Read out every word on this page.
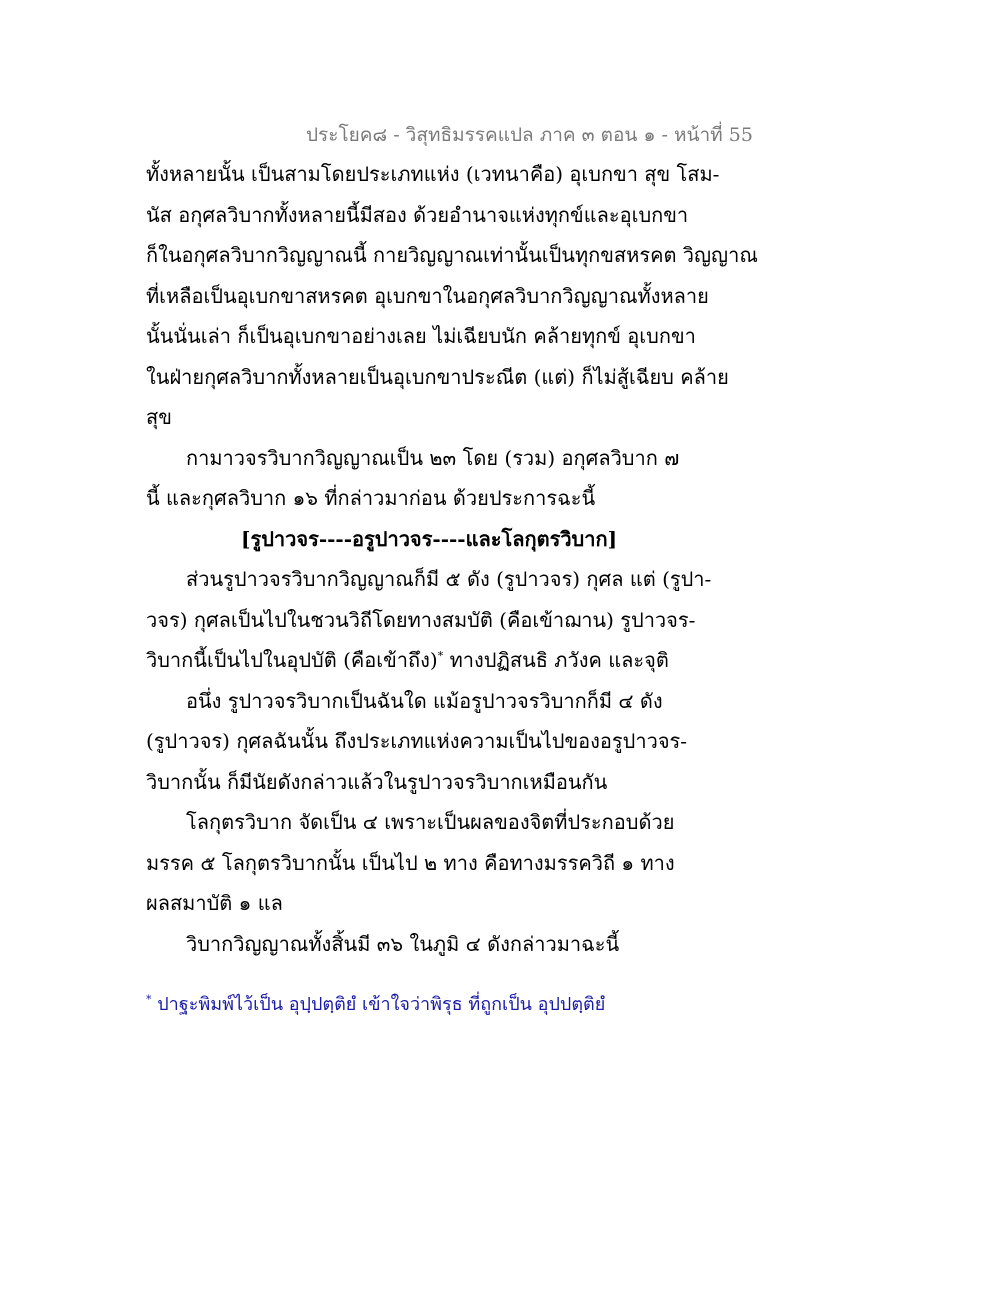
ประโยค๘ - วิสุทธิมรรคแปล ภาค ๓ ตอน ๑ - หน้าที่ 55
ทั้งหลายนั้น เป็นสามโดยประเภทแห่ง (เวทนาคือ) อุเบกขา สุข โสม-
นัส อกุศลวิบากทั้งหลายนี้มีสอง ด้วยอำนาจแห่งทุกข์และอุเบกขา
ก็ในอกุศลวิบากวิญญาณนี้ กายวิญญาณเท่านั้นเป็นทุกขสหรคต วิญญาณ
ที่เหลือเป็นอุเบกขาสหรคต อุเบกขาในอกุศลวิบากวิญญาณทั้งหลาย
นั้นนั่นเล่า ก็เป็นอุเบกขาอย่างเลย ไม่เฉียบนัก คล้ายทุกข์ อุเบกขา
ในฝ่ายกุศลวิบากทั้งหลายเป็นอุเบกขาประณีต (แต่) ก็ไม่สู้เฉียบ คล้าย
สุข
กามาวจรวิบากวิญญาณเป็น ๒๓ โดย (รวม) อกุศลวิบาก ๗
นี้ และกุศลวิบาก ๑๖ ที่กล่าวมาก่อน ด้วยประการฉะนี้
[รูปาวจร----อรูปาวจร----และโลกุตรวิบาก]
ส่วนรูปาวจรวิบากวิญญาณก็มี ๕ ดัง (รูปาวจร) กุศล แต่ (รูปา-
วจร) กุศลเป็นไปในชวนวิถีโดยทางสมบัติ (คือเข้าฌาน) รูปาวจร-
วิบากนี้เป็นไปในอุปบัติ (คือเข้าถึง)* ทางปฏิสนธิ ภวังค และจุติ
อนึ่ง รูปาวจรวิบากเป็นฉันใด แม้อรูปาวจรวิบากก็มี ๔ ดัง
(รูปาวจร) กุศลฉันนั้น ถึงประเภทแห่งความเป็นไปของอรูปาวจร-
วิบากนั้น ก็มีนัยดังกล่าวแล้วในรูปาวจรวิบากเหมือนกัน
โลกุตรวิบาก จัดเป็น ๔ เพราะเป็นผลของจิตที่ประกอบด้วย
มรรค ๕ โลกุตรวิบากนั้น เป็นไป ๒ ทาง คือทางมรรควิถี ๑ ทาง
ผลสมาบัติ ๑ แล
วิบากวิญญาณทั้งสิ้นมี ๓๖ ในภูมิ ๔ ดังกล่าวมาฉะนี้
* ปาฐะพิมพ์ไว้เป็น อุปฺปตฺติยํ เข้าใจว่าพิรุธ ที่ถูกเป็น อุปปตฺติยํ
